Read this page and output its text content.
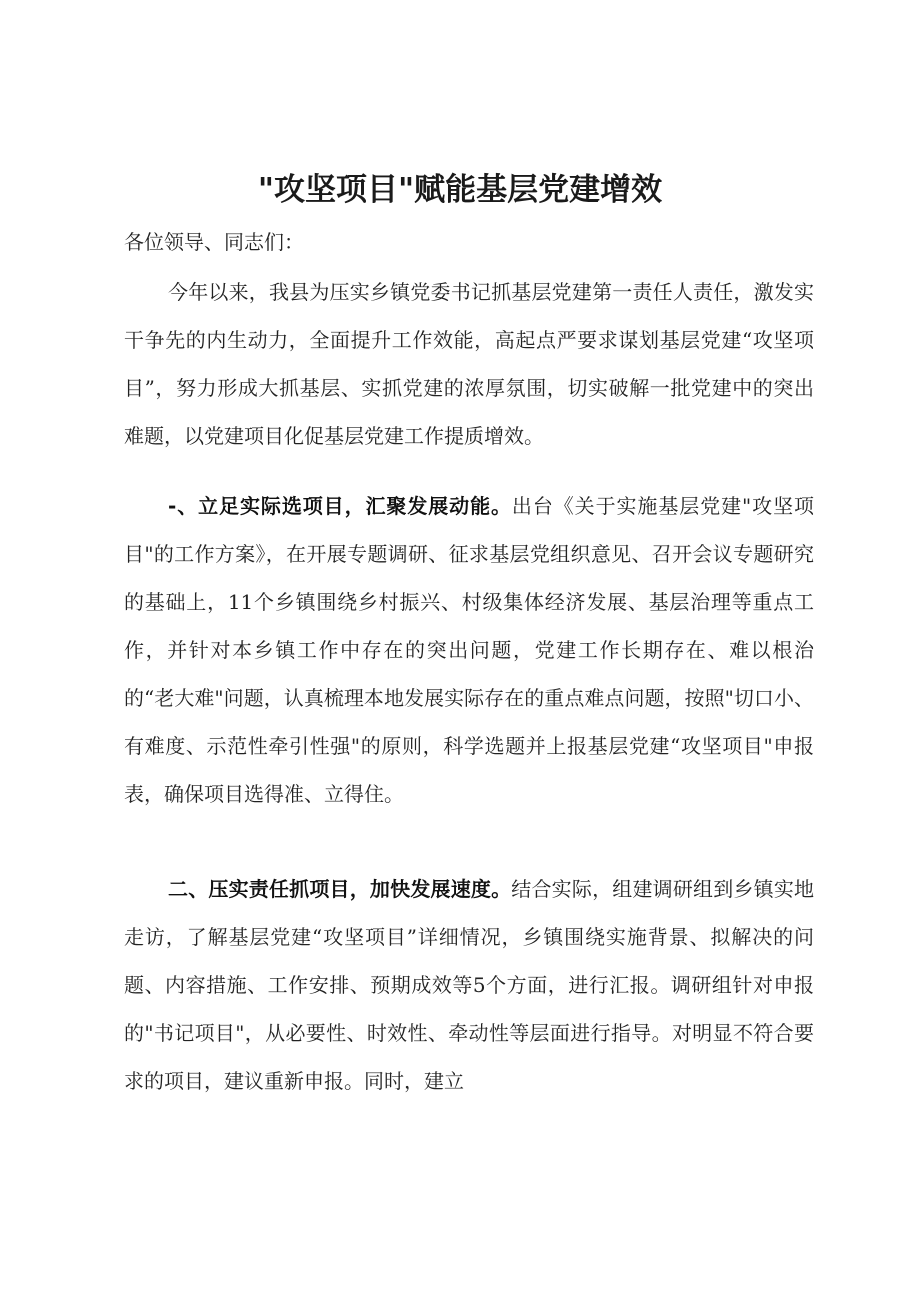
"攻坚项目"赋能基层党建增效

各位领导、同志们：

今年以来，我县为压实乡镇党委书记抓基层党建第一责任人责任，激发实干争先的内生动力，全面提升工作效能，高起点严要求谋划基层党建“攻坚项目”，努力形成大抓基层、实抓党建的浓厚氛围，切实破解一批党建中的突出难题，以党建项目化促基层党建工作提质增效。

-、立足实际选项目，汇聚发展动能。出台《关于实施基层党建"攻坚项目"的工作方案》，在开展专题调研、征求基层党组织意见、召开会议专题研究的基础上，11个乡镇围绕乡村振兴、村级集体经济发展、基层治理等重点工作，并针对本乡镇工作中存在的突出问题，党建工作长期存在、难以根治的“老大难"问题，认真梳理本地发展实际存在的重点难点问题，按照"切口小、有难度、示范性牵引性强"的原则，科学选题并上报基层党建“攻坚项目"申报表，确保项目选得准、立得住。

二、压实责任抓项目，加快发展速度。结合实际，组建调研组到乡镇实地走访，了解基层党建“攻坚项目”详细情况，乡镇围绕实施背景、拟解决的问题、内容措施、工作安排、预期成效等5个方面，进行汇报。调研组针对申报的"书记项目"，从必要性、时效性、牵动性等层面进行指导。对明显不符合要求的项目，建议重新申报。同时，建立
